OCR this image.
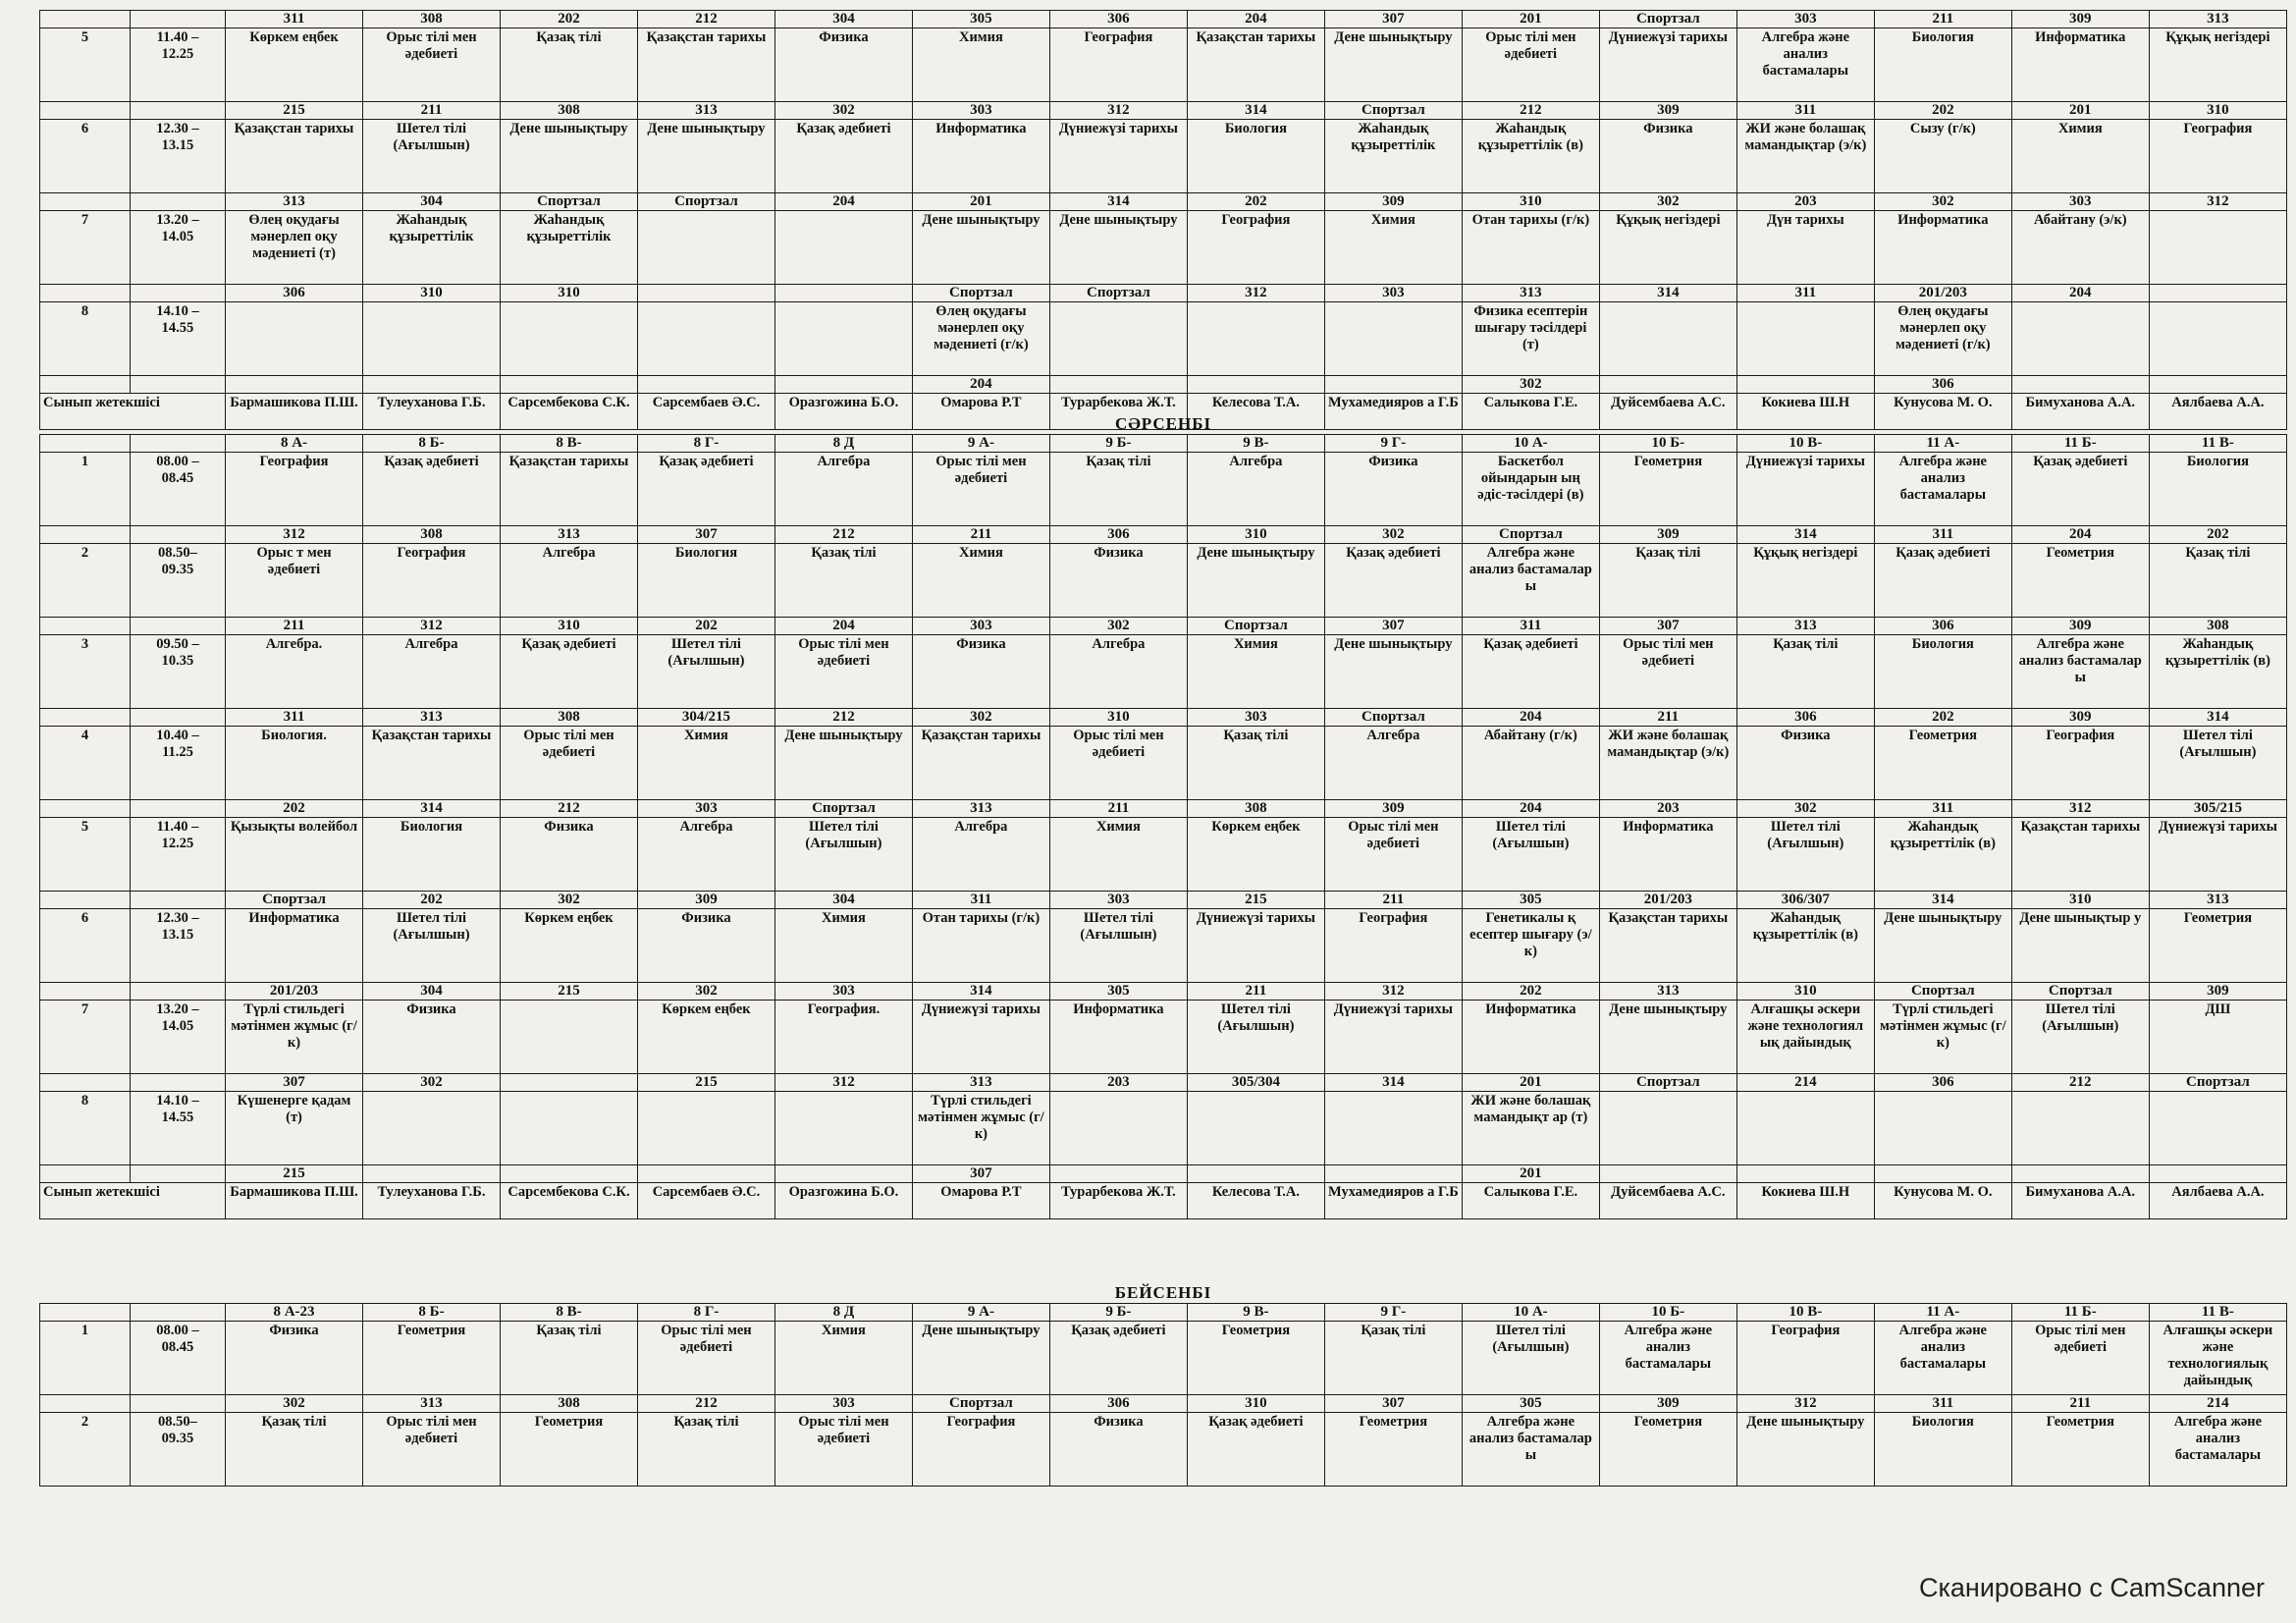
		311	308	202	212	304	305	306	204	307	201	Спортзал	303	211	309	313
5	11.40 –
12.25	Көркем еңбек	Орыс тілі мен әдебиеті	Қазақ тілі	Қазақстан тарихы	Физика	Химия	География	Қазақстан тарихы	Дене шынықтыру	Орыс тілі мен әдебиеті	Дүниежүзі тарихы	Алгебра және анализ бастамалары	Биология	Информатика	Құқық негіздері
		215	211	308	313	302	303	312	314	Спортзал	212	309	311	202	201	310
6	12.30 –
13.15	Қазақстан тарихы	Шетел тілі (Ағылшын)	Дене шынықтыру	Дене шынықтыру	Қазақ әдебиеті	Информатика	Дүниежүзі тарихы	Биология	Жаһандық құзыреттілік	Жаһандық құзыреттілік (в)	Физика	ЖИ және болашақ мамандықтар (э/к)	Сызу (г/к)	Химия	География
		313	304	Спортзал	Спортзал	204	201	314	202	309	310	302	203	302	303	312
7	13.20 –
14.05	Өлең оқудағы мәнерлеп оқу мәдениеті (т)	Жаһандық құзыреттілік	Жаһандық құзыреттілік			Дене шынықтыру	Дене шынықтыру	География	Химия	Отан тарихы (г/к)	Құқық негіздері	Дүн тарихы	Информатика	Абайтану (э/к)	
		306	310	310			Спортзал	Спортзал	312	303	313	314	311	201/203	204	
8	14.10 –
14.55						Өлең оқудағы мәнерлеп оқу мәдениеті (г/к)				Физика есептерін шығару тәсілдері (т)			Өлең оқудағы мәнерлеп оқу мәдениеті (г/к)		
							204				302			306		
Сынып жетекшісі		Бармашикова П.Ш.	Тулеуханова Г.Б.	Сарсембекова С.К.	Сарсембаев Ә.С.	Оразгожина Б.О.	Омарова Р.Т	Турарбекова Ж.Т.	Келесова Т.А.	Мухамедияров а Г.Б	Салыкова Г.Е.	Дуйсембаева А.С.	Кокиева Ш.Н	Кунусова М. О.	Бимуханова А.А.	Аялбаева А.А.
СӘРСЕНБІ
		8 А-	8 Б-	8 В-	8 Г-	8 Д	9 А-	9 Б-	9 В-	9 Г-	10 А-	10 Б-	10 В-	11 А-	11 Б-	11 В-
1	08.00 –
08.45	География	Қазақ әдебиеті	Қазақстан тарихы	Қазақ әдебиеті	Алгебра	Орыс тілі мен әдебиеті	Қазақ тілі	Алгебра	Физика	Баскетбол ойындарын ың әдіс-тәсілдері (в)	Геометрия	Дүниежүзі тарихы	Алгебра және анализ бастамалары	Қазақ әдебиеті	Биология
		312	308	313	307	212	211	306	310	302	Спортзал	309	314	311	204	202
2	08.50–
09.35	Орыс т мен әдебиеті	География	Алгебра	Биология	Қазақ тілі	Химия	Физика	Дене шынықтыру	Қазақ әдебиеті	Алгебра және анализ бастамалар ы	Қазақ тілі	Құқық негіздері	Қазақ әдебиеті	Геометрия	Қазақ тілі
		211	312	310	202	204	303	302	Спортзал	307	311	307	313	306	309	308
3	09.50 –
10.35	Алгебра.	Алгебра	Қазақ әдебиеті	Шетел тілі (Ағылшын)	Орыс тілі мен әдебиеті	Физика	Алгебра	Химия	Дене шынықтыру	Қазақ әдебиеті	Орыс тілі мен әдебиеті	Қазақ тілі	Биология	Алгебра және анализ бастамалар ы	Жаһандық құзыреттілік (в)
		311	313	308	304/215	212	302	310	303	Спортзал	204	211	306	202	309	314
4	10.40 –
11.25	Биология.	Қазақстан тарихы	Орыс тілі мен әдебиеті	Химия	Дене шынықтыру	Қазақстан тарихы	Орыс тілі мен әдебиеті	Қазақ тілі	Алгебра	Абайтану (г/к)	ЖИ және болашақ мамандықтар (э/к)	Физика	Геометрия	География	Шетел тілі (Ағылшын)
		202	314	212	303	Спортзал	313	211	308	309	204	203	302	311	312	305/215
5	11.40 –
12.25	Қызықты волейбол	Биология	Физика	Алгебра	Шетел тілі (Ағылшын)	Алгебра	Химия	Көркем еңбек	Орыс тілі мен әдебиеті	Шетел тілі (Ағылшын)	Информатика	Шетел тілі (Ағылшын)	Жаһандық құзыреттілік (в)	Қазақстан тарихы	Дүниежүзі тарихы
		Спортзал	202	302	309	304	311	303	215	211	305	201/203	306/307	314	310	313
6	12.30 –
13.15	Информатика	Шетел тілі (Ағылшын)	Көркем еңбек	Физика	Химия	Отан тарихы (г/к)	Шетел тілі (Ағылшын)	Дүниежүзі тарихы	География	Генетикалы қ есептер шығару (э/к)	Қазақстан тарихы	Жаһандық құзыреттілік (в)	Дене шынықтыру	Дене шынықтыр у	Геометрия
		201/203	304	215	302	303	314	305	211	312	202	313	310	Спортзал	Спортзал	309
7	13.20 –
14.05	Түрлі стильдегі мәтінмен жұмыс (г/к)	Физика		Көркем еңбек	География.	Дүниежүзі тарихы	Информатика	Шетел тілі (Ағылшын)	Дүниежүзі тарихы	Информатика	Дене шынықтыру	Алғашқы әскери және технологиял ық дайындық	Түрлі стильдегі мәтінмен жұмыс (г/к)	Шетел тілі (Ағылшын)	ДШ
		307	302		215	312	313	203	305/304	314	201	Спортзал	214	306	212	Спортзал
8	14.10 –
14.55	Күшенерге қадам (т)					Түрлі стильдегі мәтінмен жұмыс (г/к)				ЖИ және болашақ мамандықт ар (т)					
		215					307				201					
Сынып жетекшісі		Бармашикова П.Ш.	Тулеуханова Г.Б.	Сарсембекова С.К.	Сарсембаев Ә.С.	Оразгожина Б.О.	Омарова Р.Т	Турарбекова Ж.Т.	Келесова Т.А.	Мухамедияров а Г.Б	Салыкова Г.Е.	Дуйсембаева А.С.	Кокиева Ш.Н	Кунусова М. О.	Бимуханова А.А.	Аялбаева А.А.
БЕЙСЕНБІ
		8 А-23	8 Б-	8 В-	8 Г-	8 Д	9 А-	9 Б-	9 В-	9 Г-	10 А-	10 Б-	10 В-	11 А-	11 Б-	11 В-
1	08.00 –
08.45	Физика	Геометрия	Қазақ тілі	Орыс тілі мен әдебиеті	Химия	Дене шынықтыру	Қазақ әдебиеті	Геометрия	Қазақ тілі	Шетел тілі (Ағылшын)	Алгебра және анализ бастамалары	География	Алгебра және анализ бастамалары	Орыс тілі мен әдебиеті	Алғашқы әскери және технологиялық дайындық
		302	313	308	212	303	Спортзал	306	310	307	305	309	312	311	211	214
2	08.50–
09.35	Қазақ тілі	Орыс тілі мен әдебиеті	Геометрия	Қазақ тілі	Орыс тілі мен әдебиеті	География	Физика	Қазақ әдебиеті	Геометрия	Алгебра және анализ бастамалар ы	Геометрия	Дене шынықтыру	Биология	Геометрия	Алгебра және анализ бастамалары
Сканировано с CamScanner
